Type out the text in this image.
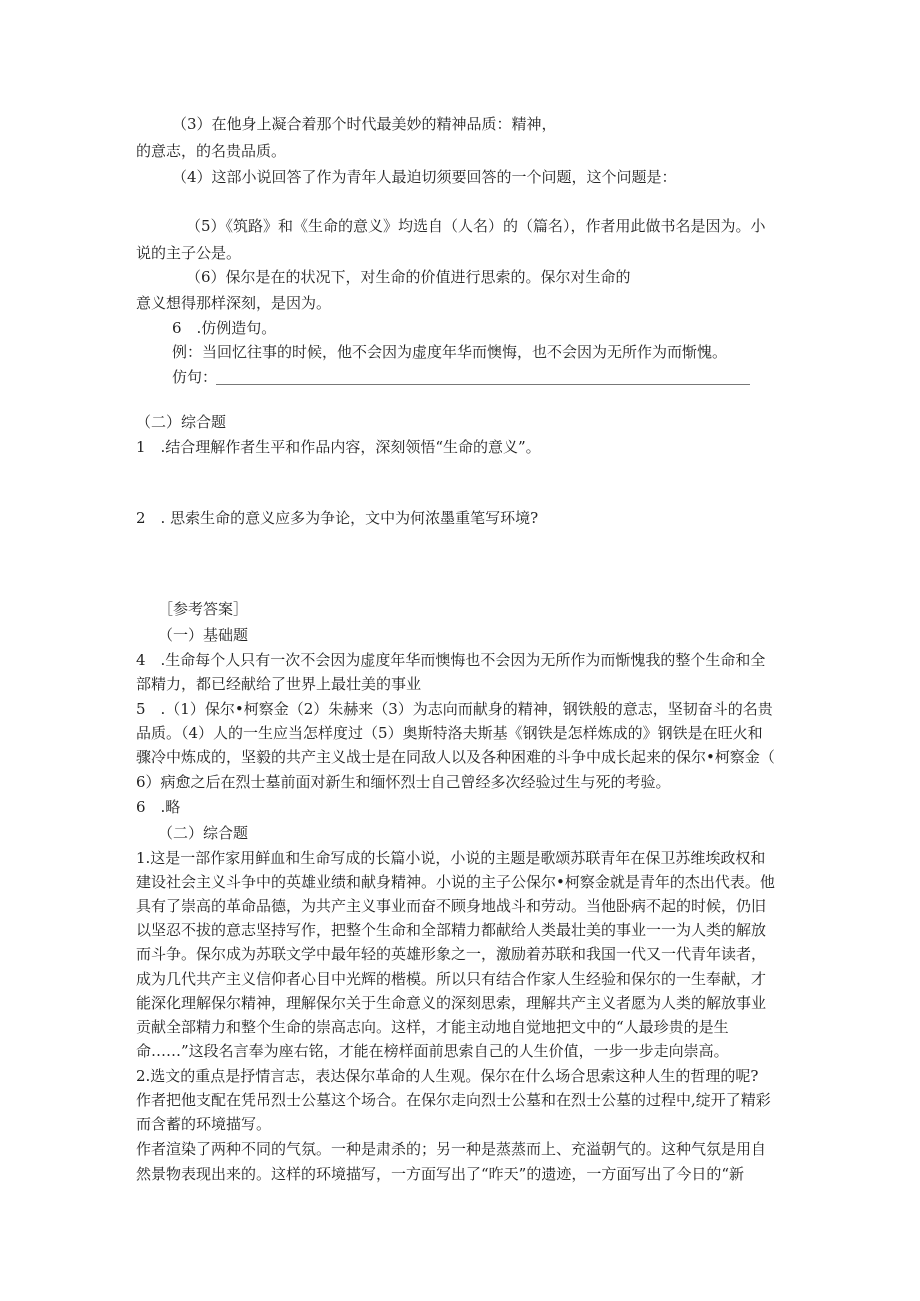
（3）在他身上凝合着那个时代最美妙的精神品质：精神，
的意志，的名贵品质。
（4）这部小说回答了作为青年人最迫切须要回答的一个问题，这个问题是：
（5）《筑路》和《生命的意义》均选自（人名）的（篇名），作者用此做书名是因为。小
说的主子公是。
（6）保尔是在的状况下，对生命的价值进行思索的。保尔对生命的
意义想得那样深刻，是因为。
6　.仿例造句。
例：当回忆往事的时候，他不会因为虚度年华而懊悔，也不会因为无所作为而惭愧。
仿句：
（二）综合题
1　.结合理解作者生平和作品内容，深刻领悟“生命的意义”。
2　. 思索生命的意义应多为争论，文中为何浓墨重笔写环境?
［参考答案］
（一）基础题
4　.生命每个人只有一次不会因为虚度年华而懊悔也不会因为无所作为而惭愧我的整个生命和全
部精力，都已经献给了世界上最壮美的事业
5　.（1）保尔•柯察金（2）朱赫来（3）为志向而献身的精神，钢铁般的意志，坚韧奋斗的名贵
品质。（4）人的一生应当怎样度过（5）奥斯特洛夫斯基《钢铁是怎样炼成的》钢铁是在旺火和
骤冷中炼成的，坚毅的共产主义战士是在同敌人以及各种困难的斗争中成长起来的保尔•柯察金（
6）病愈之后在烈士墓前面对新生和缅怀烈士自己曾经多次经验过生与死的考验。
6　.略
（二）综合题
1.这是一部作家用鲜血和生命写成的长篇小说，小说的主题是歌颂苏联青年在保卫苏维埃政权和
建设社会主义斗争中的英雄业绩和献身精神。小说的主子公保尔•柯察金就是青年的杰出代表。他
具有了崇高的革命品德，为共产主义事业而奋不顾身地战斗和劳动。当他卧病不起的时候，仍旧
以坚忍不拔的意志坚持写作，把整个生命和全部精力都献给人类最壮美的事业一一为人类的解放
而斗争。保尔成为苏联文学中最年轻的英雄形象之一，激励着苏联和我国一代又一代青年读者，
成为几代共产主义信仰者心目中光辉的楷模。所以只有结合作家人生经验和保尔的一生奉献，才
能深化理解保尔精神，理解保尔关于生命意义的深刻思索，理解共产主义者愿为人类的解放事业
贡献全部精力和整个生命的崇高志向。这样，才能主动地自觉地把文中的“人最珍贵的是生
命……”这段名言奉为座右铭，才能在榜样面前思索自己的人生价值，一步一步走向崇高。
2.选文的重点是抒情言志，表达保尔革命的人生观。保尔在什么场合思索这种人生的哲理的呢?
作者把他支配在凭吊烈士公墓这个场合。在保尔走向烈士公墓和在烈士公墓的过程中,绽开了精彩
而含蓄的环境描写。
作者渲染了两种不同的气氛。一种是肃杀的；另一种是蒸蒸而上、充溢朝气的。这种气氛是用自
然景物表现出来的。这样的环境描写，一方面写出了“昨天”的遗迹，一方面写出了今日的“新
